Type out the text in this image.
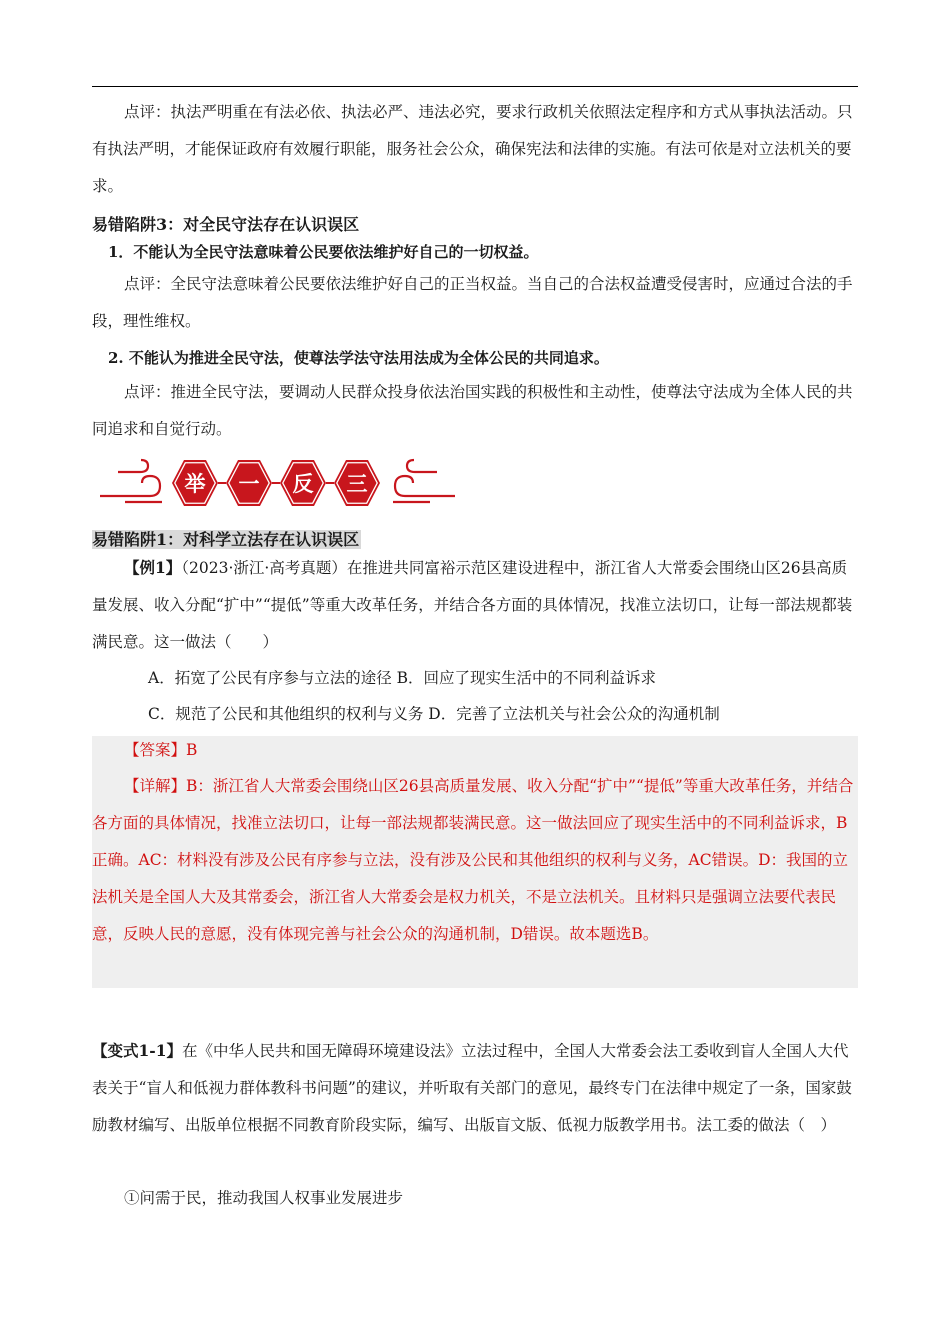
点评：执法严明重在有法必依、执法必严、违法必究，要求行政机关依照法定程序和方式从事执法活动。只有执法严明，才能保证政府有效履行职能，服务社会公众，确保宪法和法律的实施。有法可依是对立法机关的要求。

易错陷阱3：对全民守法存在认识误区

1．不能认为全民守法意味着公民要依法维护好自己的一切权益。

点评：全民守法意味着公民要依法维护好自己的正当权益。当自己的合法权益遭受侵害时，应通过合法的手段，理性维权。

2. 不能认为推进全民守法，使尊法学法守法用法成为全体公民的共同追求。

点评：推进全民守法，要调动人民群众投身依法治国实践的积极性和主动性，使尊法守法成为全体人民的共同追求和自觉行动。

举 一 反 三

易错陷阱1：对科学立法存在认识误区

【例1】（2023·浙江·高考真题）在推进共同富裕示范区建设进程中，浙江省人大常委会围绕山区26县高质量发展、收入分配“扩中”“提低”等重大改革任务，并结合各方面的具体情况，找准立法切口，让每一部法规都装满民意。这一做法（　　）

A．拓宽了公民有序参与立法的途径 B．回应了现实生活中的不同利益诉求

C．规范了公民和其他组织的权利与义务 D．完善了立法机关与社会公众的沟通机制

【答案】B

【详解】B：浙江省人大常委会围绕山区26县高质量发展、收入分配“扩中”“提低”等重大改革任务，并结合各方面的具体情况，找准立法切口，让每一部法规都装满民意。这一做法回应了现实生活中的不同利益诉求，B正确。AC：材料没有涉及公民有序参与立法，没有涉及公民和其他组织的权利与义务，AC错误。D：我国的立法机关是全国人大及其常委会，浙江省人大常委会是权力机关，不是立法机关。且材料只是强调立法要代表民意，反映人民的意愿，没有体现完善与社会公众的沟通机制，D错误。故本题选B。

【变式1-1】在《中华人民共和国无障碍环境建设法》立法过程中，全国人大常委会法工委收到盲人全国人大代表关于“盲人和低视力群体教科书问题”的建议，并听取有关部门的意见，最终专门在法律中规定了一条，国家鼓励教材编写、出版单位根据不同教育阶段实际，编写、出版盲文版、低视力版教学用书。法工委的做法（　）

①问需于民，推动我国人权事业发展进步
